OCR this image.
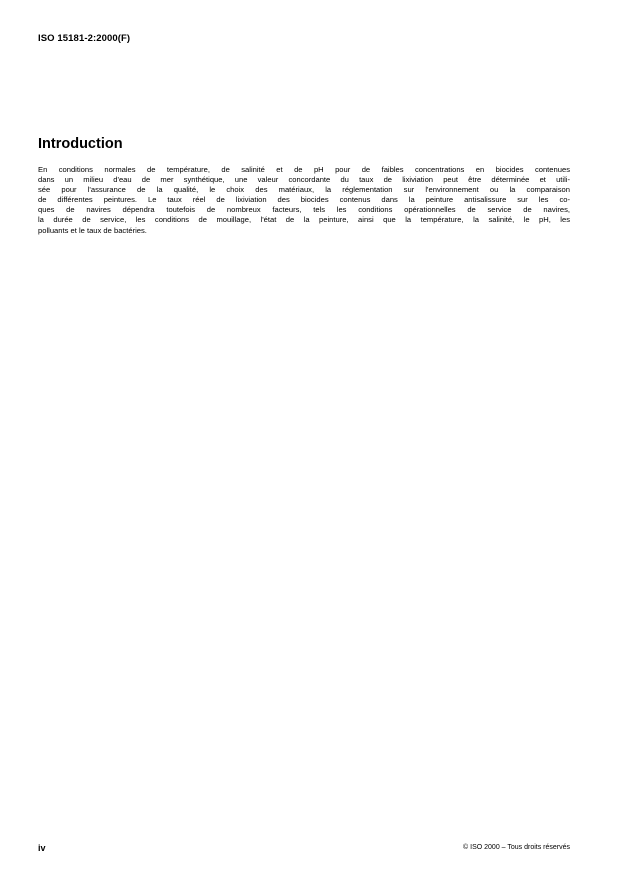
ISO 15181-2:2000(F)
Introduction

En conditions normales de température, de salinité et de pH pour de faibles concentrations en biocides contenues
dans un milieu d'eau de mer synthétique, une valeur concordante du taux de lixiviation peut être déterminée et utili-
sée pour l'assurance de la qualité, le choix des matériaux, la réglementation sur l'environnement ou la comparaison
de différentes peintures. Le taux réel de lixiviation des biocides contenus dans la peinture antisalissure sur les co-
ques de navires dépendra toutefois de nombreux facteurs, tels les conditions opérationnelles de service de navires,
la durée de service, les conditions de mouillage, l'état de la peinture, ainsi que la température, la salinité, le pH, les
polluants et le taux de bactéries.

iv	© ISO 2000 – Tous droits réservés
